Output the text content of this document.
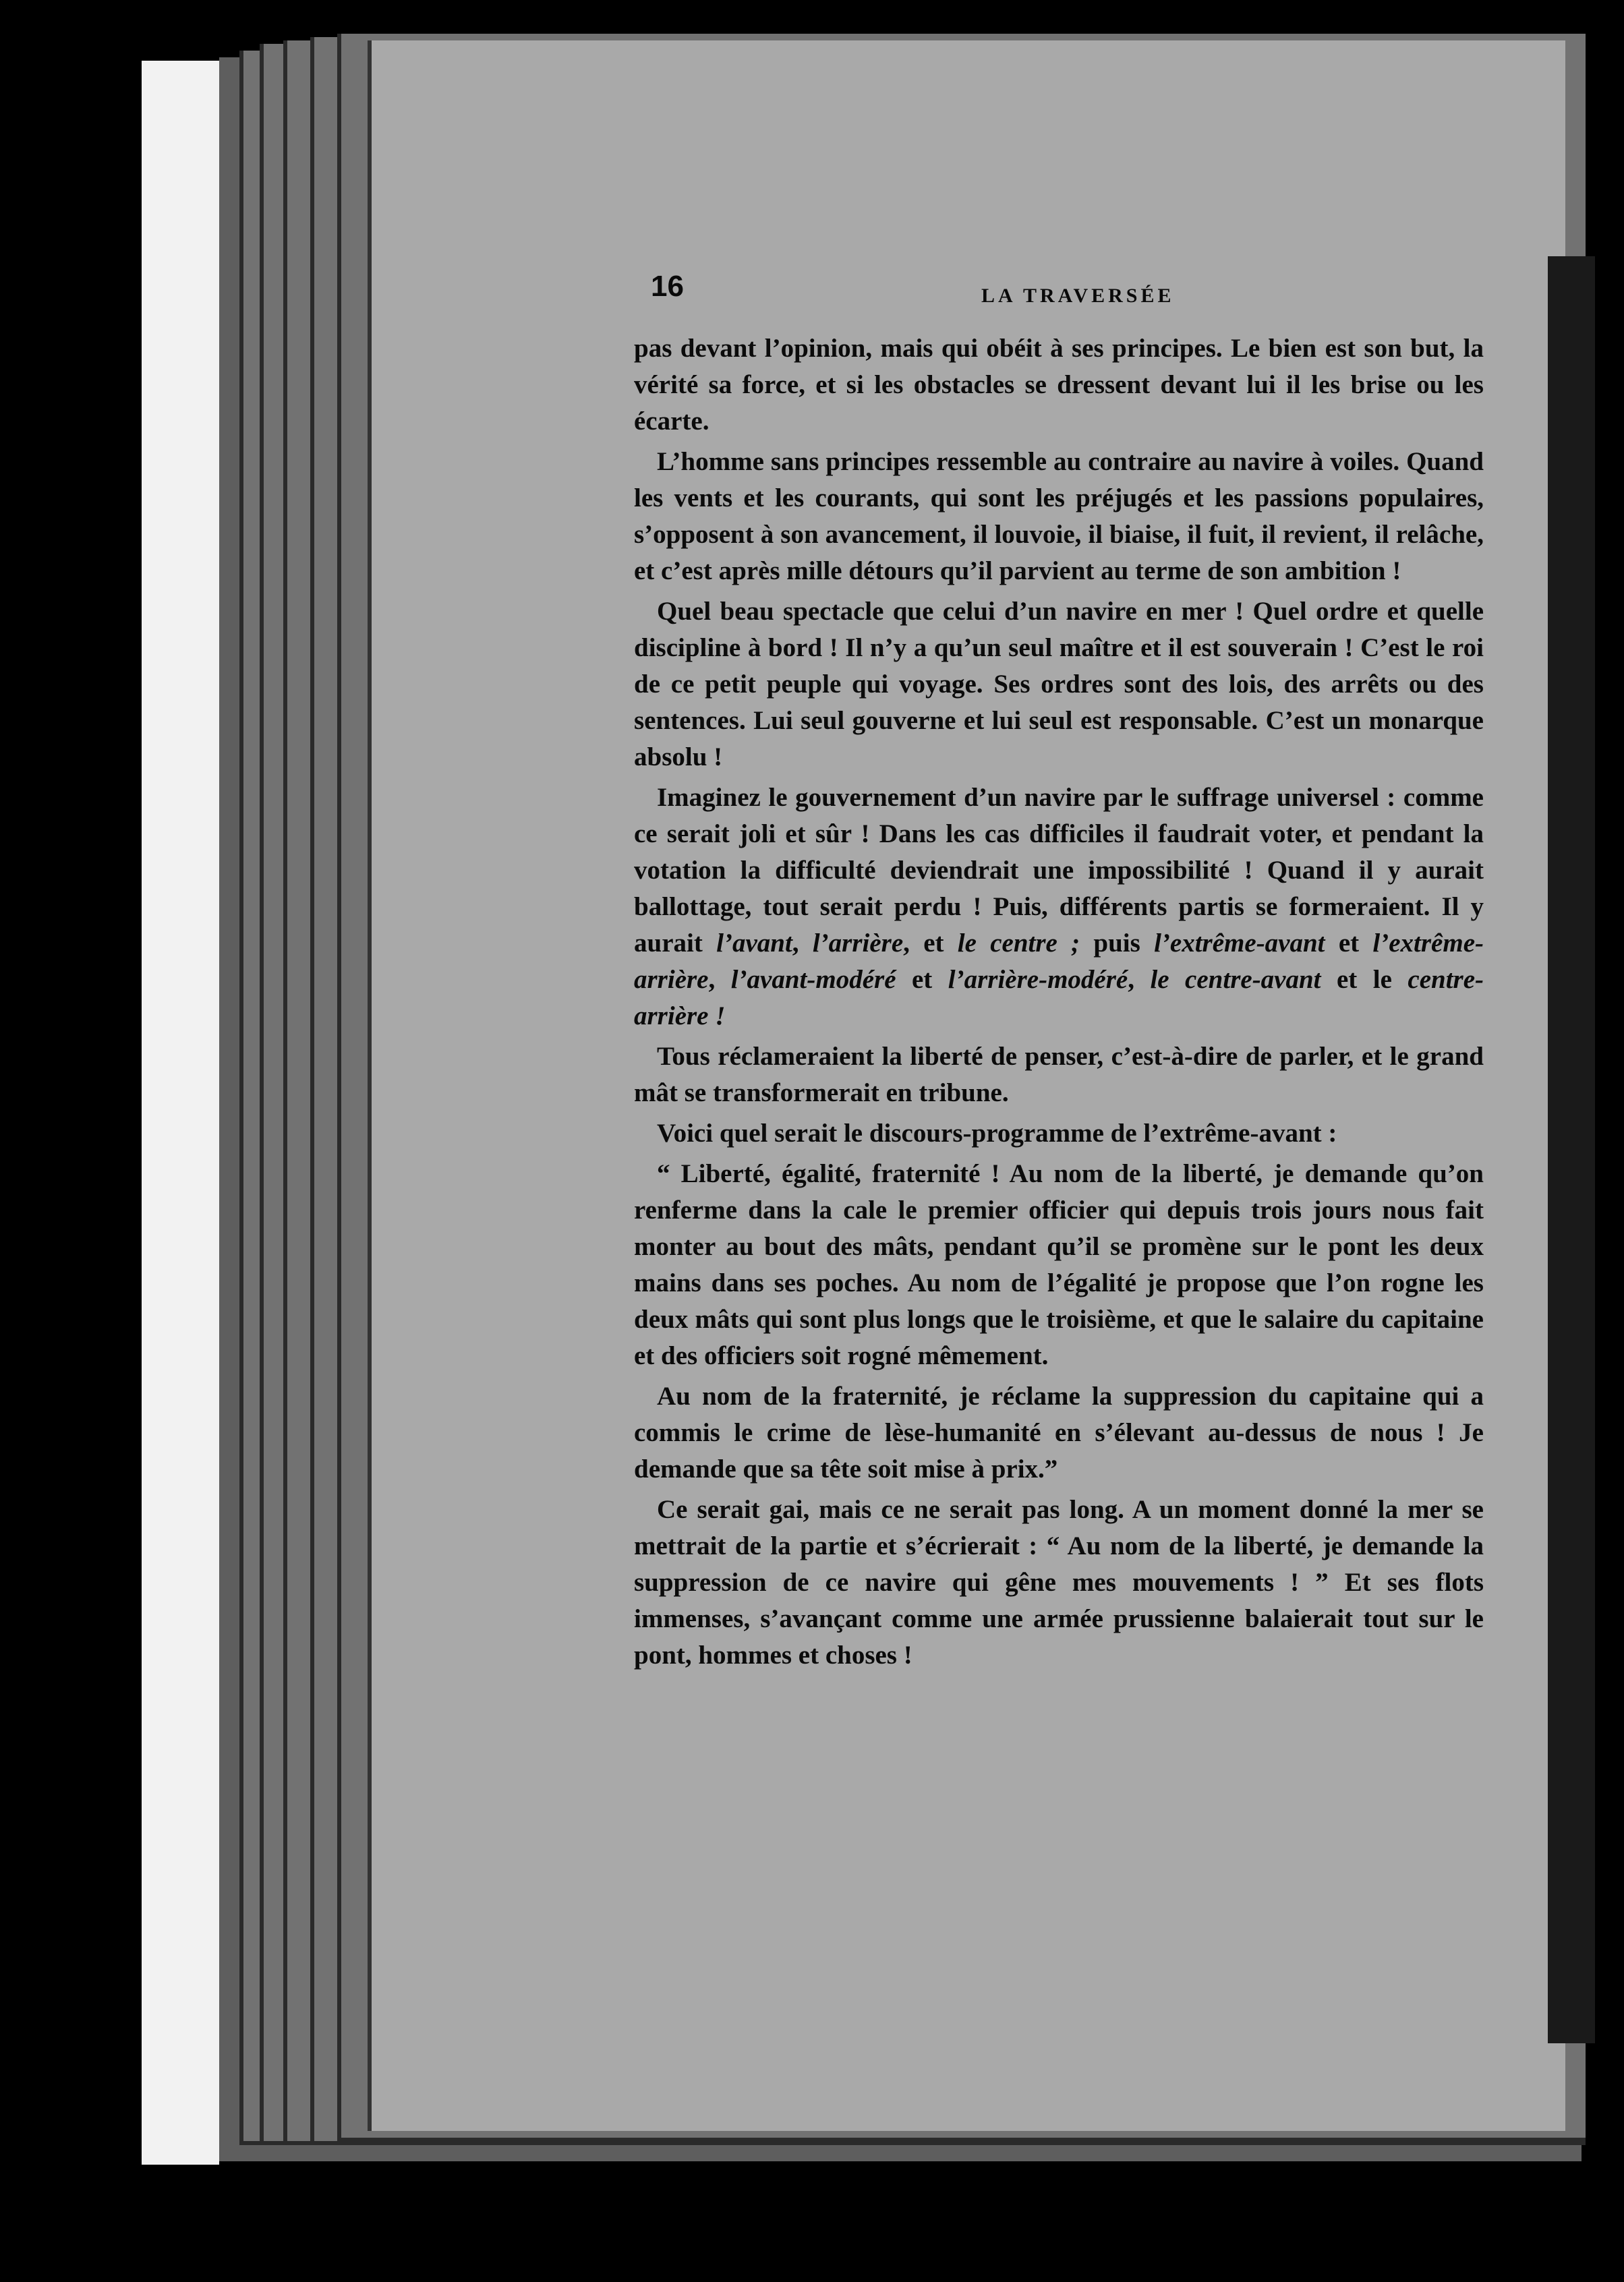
16	LA TRAVERSÉE

pas devant l’opinion, mais qui obéit à ses principes. Le bien est son but, la vérité sa force, et si les obstacles se dressent devant lui il les brise ou les écarte.

L’homme sans principes ressemble au contraire au navire à voiles. Quand les vents et les courants, qui sont les préjugés et les passions populaires, s’opposent à son avancement, il louvoie, il biaise, il fuit, il revient, il relâche, et c’est après mille détours qu’il parvient au terme de son ambition !

Quel beau spectacle que celui d’un navire en mer ! Quel ordre et quelle discipline à bord ! Il n’y a qu’un seul maître et il est souverain ! C’est le roi de ce petit peuple qui voyage. Ses ordres sont des lois, des arrêts ou des sentences. Lui seul gouverne et lui seul est responsable. C’est un monarque absolu !

Imaginez le gouvernement d’un navire par le suffrage universel : comme ce serait joli et sûr ! Dans les cas difficiles il faudrait voter, et pendant la votation la difficulté deviendrait une impossibilité ! Quand il y aurait ballottage, tout serait perdu ! Puis, différents partis se formeraient. Il y aurait l’avant, l’arrière, et le centre ; puis l’extrême-avant et l’extrême-arrière, l’avant-modéré et l’arrière-modéré, le centre-avant et le centre-arrière !

Tous réclameraient la liberté de penser, c’est-à-dire de parler, et le grand mât se transformerait en tribune.

Voici quel serait le discours-programme de l’extrême-avant :

“ Liberté, égalité, fraternité ! Au nom de la liberté, je demande qu’on renferme dans la cale le premier officier qui depuis trois jours nous fait monter au bout des mâts, pendant qu’il se promène sur le pont les deux mains dans ses poches. Au nom de l’égalité je propose que l’on rogne les deux mâts qui sont plus longs que le troisième, et que le salaire du capitaine et des officiers soit rogné mêmement.

Au nom de la fraternité, je réclame la suppression du capitaine qui a commis le crime de lèse-humanité en s’élevant au-dessus de nous ! Je demande que sa tête soit mise à prix.”

Ce serait gai, mais ce ne serait pas long. A un moment donné la mer se mettrait de la partie et s’écrierait : “ Au nom de la liberté, je demande la suppression de ce navire qui gêne mes mouvements ! ” Et ses flots immenses, s’avançant comme une armée prussienne balaierait tout sur le pont, hommes et choses !
